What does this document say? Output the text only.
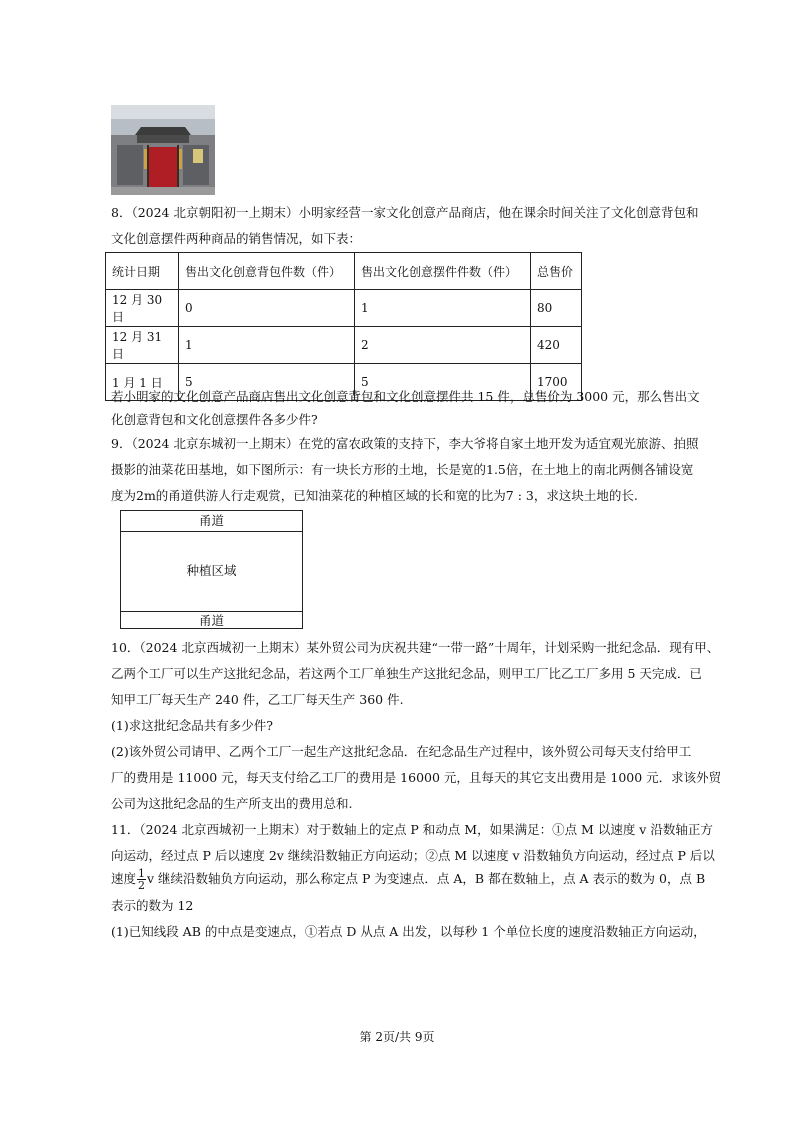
8．（2024 北京朝阳初一上期末）小明家经营一家文化创意产品商店，他在课余时间关注了文化创意背包和
文化创意摆件两种商品的销售情况，如下表：
统计日期	售出文化创意背包件数（件）	售出文化创意摆件件数（件）	总售价
12 月 30 日	0	1	80
12 月 31 日	1	2	420
1 月 1 日	5	5	1700
若小明家的文化创意产品商店售出文化创意背包和文化创意摆件共 15 件，总售价为 3000 元，那么售出文
化创意背包和文化创意摆件各多少件?
9．（2024 北京东城初一上期末）在党的富农政策的支持下，李大爷将自家土地开发为适宜观光旅游、拍照
摄影的油菜花田基地，如下图所示：有一块长方形的土地，长是宽的1.5倍，在土地上的南北两侧各铺设宽
度为2m的甬道供游人行走观赏，已知油菜花的种植区域的长和宽的比为7 : 3，求这块土地的长.
甬道
种植区域
甬道
10．（2024 北京西城初一上期末）某外贸公司为庆祝共建“一带一路”十周年，计划采购一批纪念品．现有甲、
乙两个工厂可以生产这批纪念品，若这两个工厂单独生产这批纪念品，则甲工厂比乙工厂多用 5 天完成．已
知甲工厂每天生产 240 件，乙工厂每天生产 360 件.
(1)求这批纪念品共有多少件?
(2)该外贸公司请甲、乙两个工厂一起生产这批纪念品．在纪念品生产过程中，该外贸公司每天支付给甲工
厂的费用是 11000 元，每天支付给乙工厂的费用是 16000 元，且每天的其它支出费用是 1000 元．求该外贸
公司为这批纪念品的生产所支出的费用总和.
11．（2024 北京西城初一上期末）对于数轴上的定点 P 和动点 M，如果满足：①点 M 以速度 v 沿数轴正方
向运动，经过点 P 后以速度 2v 继续沿数轴正方向运动；②点 M 以速度 v 沿数轴负方向运动，经过点 P 后以
速度 $\frac{1}{2}$ v 继续沿数轴负方向运动，那么称定点 P 为变速点．点 A，B 都在数轴上，点 A 表示的数为 0，点 B
表示的数为 12
(1)已知线段 AB 的中点是变速点，①若点 D 从点 A 出发，以每秒 1 个单位长度的速度沿数轴正方向运动，
第 2页/共 9页
